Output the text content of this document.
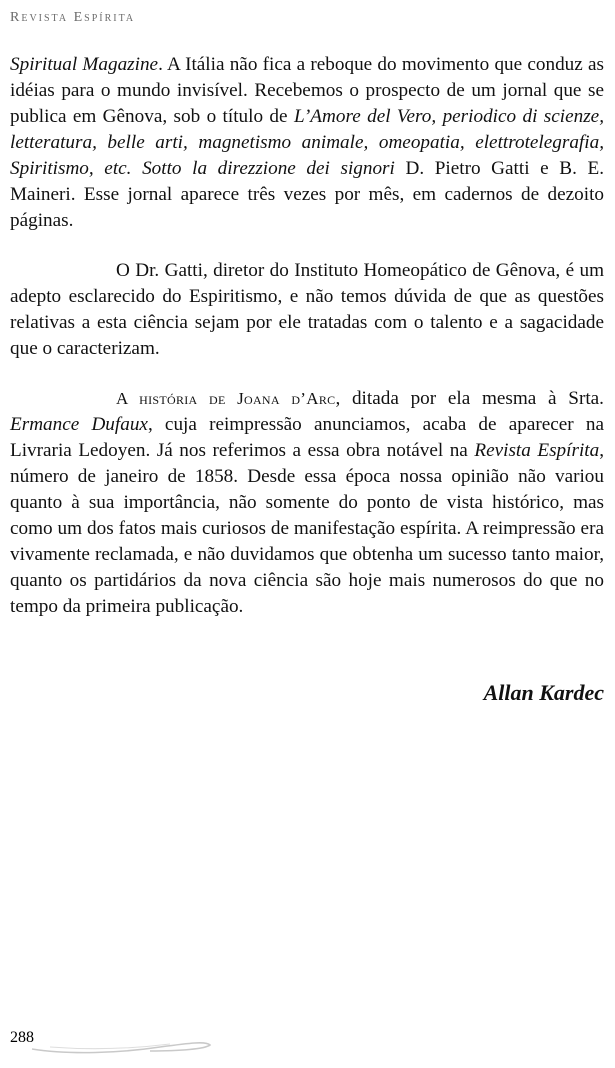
Revista Espírita

Spiritual Magazine. A Itália não fica a reboque do movimento que conduz as idéias para o mundo invisível. Recebemos o prospecto de um jornal que se publica em Gênova, sob o título de L’Amore del Vero, periodico di scienze, letteratura, belle arti, magnetismo animale, omeopatia, elettrotelegrafia, Spiritismo, etc. Sotto la direzzione dei signori D. Pietro Gatti e B. E. Maineri. Esse jornal aparece três vezes por mês, em cadernos de dezoito páginas.

O Dr. Gatti, diretor do Instituto Homeopático de Gênova, é um adepto esclarecido do Espiritismo, e não temos dúvida de que as questões relativas a esta ciência sejam por ele tratadas com o talento e a sagacidade que o caracterizam.

A história de Joana d’Arc, ditada por ela mesma à Srta. Ermance Dufaux, cuja reimpressão anunciamos, acaba de aparecer na Livraria Ledoyen. Já nos referimos a essa obra notável na Revista Espírita, número de janeiro de 1858. Desde essa época nossa opinião não variou quanto à sua importância, não somente do ponto de vista histórico, mas como um dos fatos mais curiosos de manifestação espírita. A reimpressão era vivamente reclamada, e não duvidamos que obtenha um sucesso tanto maior, quanto os partidários da nova ciência são hoje mais numerosos do que no tempo da primeira publicação.

Allan Kardec
288
